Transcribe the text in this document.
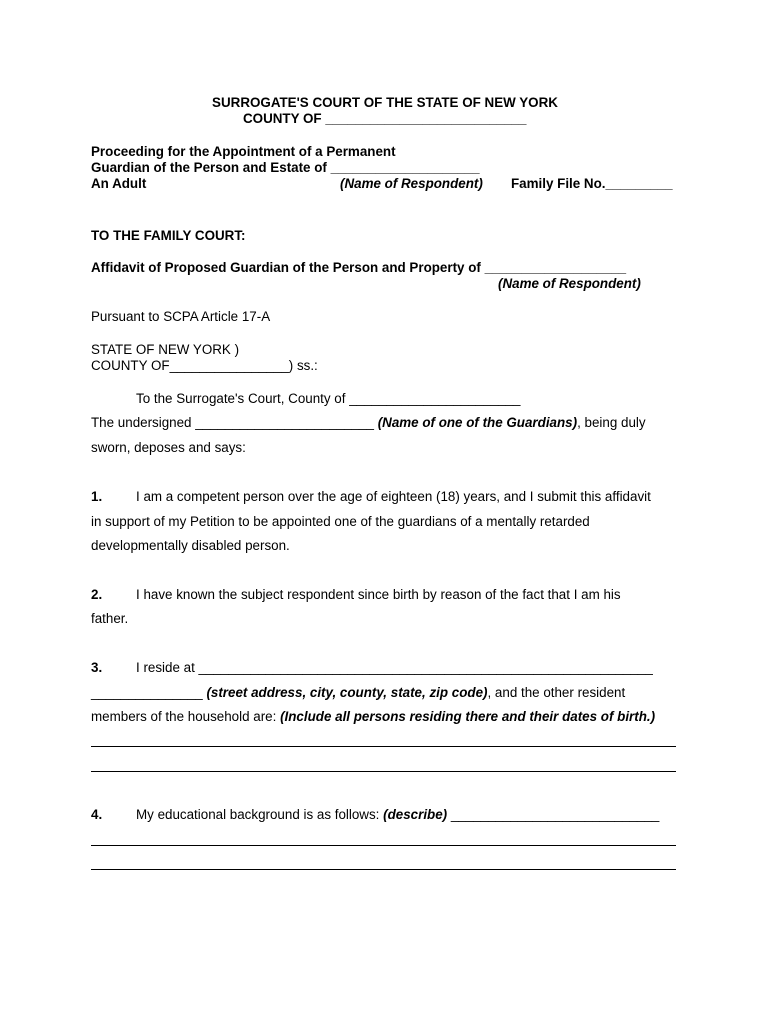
SURROGATE'S COURT OF THE STATE OF NEW YORK
COUNTY OF ___________________________
Proceeding for the Appointment of a Permanent
Guardian of the Person and Estate of ____________________
An Adult	(Name of Respondent) Family File No._________
TO THE FAMILY COURT:
Affidavit of Proposed Guardian of the Person and Property of ___________________
(Name of Respondent)
Pursuant to SCPA Article 17-A
STATE OF NEW YORK )
COUNTY OF________________) ss.:
To the Surrogate's Court, County of _______________________
The undersigned ________________________ (Name of one of the Guardians), being duly
sworn, deposes and says:
1.	I am a competent person over the age of eighteen (18) years, and I submit this affidavit
in support of my Petition to be appointed one of the guardians of a mentally retarded
developmentally disabled person.
2.	I have known the subject respondent since birth by reason of the fact that I am his
father.
3.	I reside at _____________________________________________________________
_______________ (street address, city, county, state, zip code), and the other resident
members of the household are: (Include all persons residing there and their dates of birth.)
4.	My educational background is as follows: (describe) ____________________________
